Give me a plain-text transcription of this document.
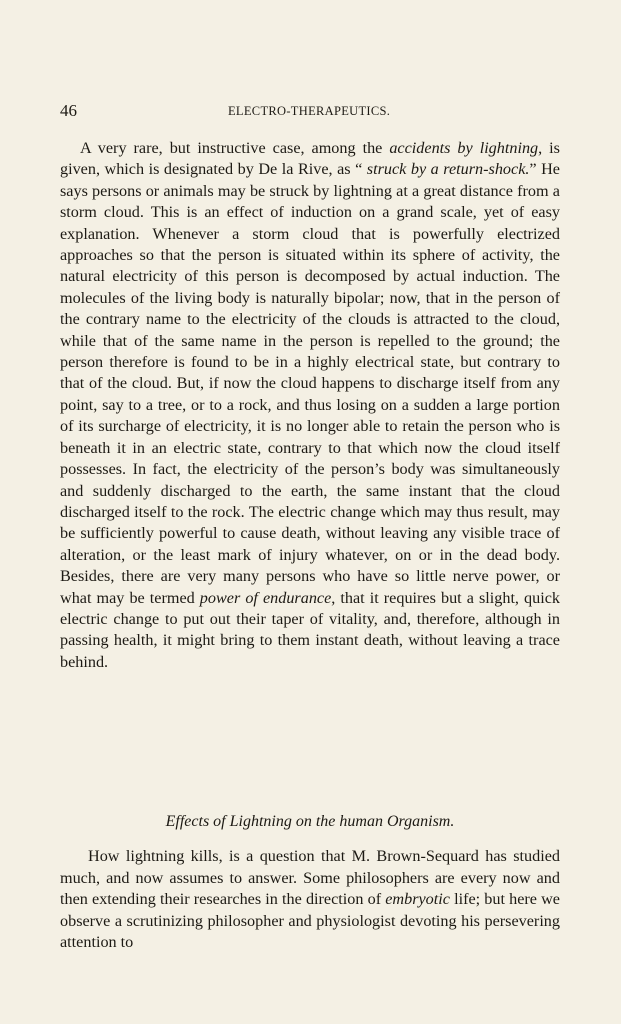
46	ELECTRO-THERAPEUTICS.

A very rare, but instructive case, among the accidents by lightning, is given, which is designated by De la Rive, as “ struck by a return-shock.” He says persons or animals may be struck by lightning at a great distance from a storm cloud. This is an effect of induction on a grand scale, yet of easy explanation. Whenever a storm cloud that is powerfully electrized approaches so that the person is situated within its sphere of activity, the natural electricity of this person is decomposed by actual induction. The molecules of the living body is naturally bipolar; now, that in the person of the contrary name to the electricity of the clouds is attracted to the cloud, while that of the same name in the person is repelled to the ground; the person therefore is found to be in a highly electrical state, but contrary to that of the cloud. But, if now the cloud happens to discharge itself from any point, say to a tree, or to a rock, and thus losing on a sudden a large portion of its surcharge of electricity, it is no longer able to retain the person who is beneath it in an electric state, contrary to that which now the cloud itself possesses. In fact, the electricity of the person’s body was simultaneously and suddenly discharged to the earth, the same instant that the cloud discharged itself to the rock. The electric change which may thus result, may be sufficiently powerful to cause death, without leaving any visible trace of alteration, or the least mark of injury whatever, on or in the dead body. Besides, there are very many persons who have so little nerve power, or what may be termed power of endurance, that it requires but a slight, quick electric change to put out their taper of vitality, and, therefore, although in passing health, it might bring to them instant death, without leaving a trace behind.

Effects of Lightning on the human Organism.

How lightning kills, is a question that M. Brown-Sequard has studied much, and now assumes to answer. Some philosophers are every now and then extending their researches in the direction of embryotic life; but here we observe a scrutinizing philosopher and physiologist devoting his persevering attention to
